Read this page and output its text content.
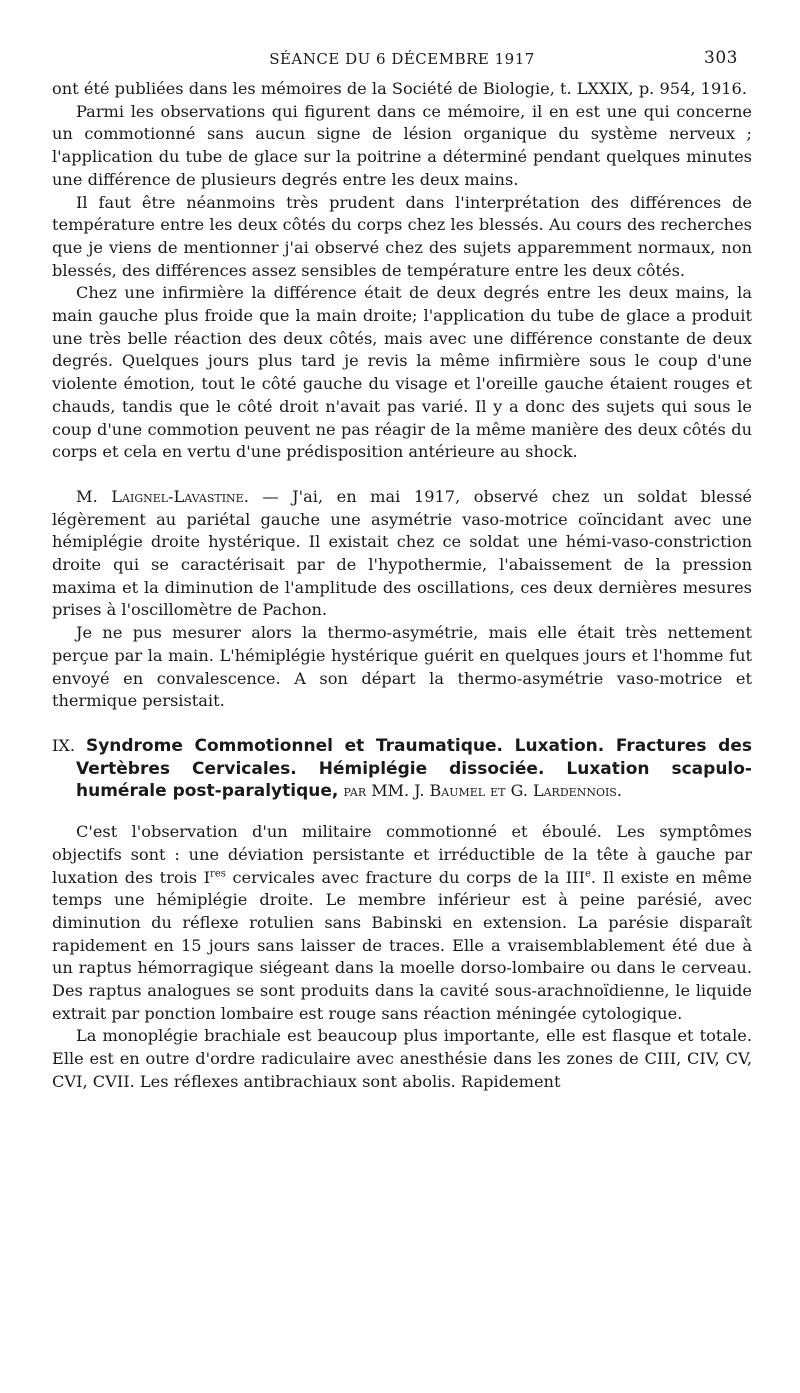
SÉANCE DU 6 DÉCEMBRE 1917	303

ont été publiées dans les mémoires de la Société de Biologie, t. LXXIX, p. 954, 1916.

Parmi les observations qui figurent dans ce mémoire, il en est une qui concerne un commotionné sans aucun signe de lésion organique du système nerveux ; l'application du tube de glace sur la poitrine a déterminé pendant quelques minutes une différence de plusieurs degrés entre les deux mains.

Il faut être néanmoins très prudent dans l'interprétation des différences de température entre les deux côtés du corps chez les blessés. Au cours des recherches que je viens de mentionner j'ai observé chez des sujets apparemment normaux, non blessés, des différences assez sensibles de température entre les deux côtés.

Chez une infirmière la différence était de deux degrés entre les deux mains, la main gauche plus froide que la main droite; l'application du tube de glace a produit une très belle réaction des deux côtés, mais avec une différence constante de deux degrés. Quelques jours plus tard je revis la même infirmière sous le coup d'une violente émotion, tout le côté gauche du visage et l'oreille gauche étaient rouges et chauds, tandis que le côté droit n'avait pas varié. Il y a donc des sujets qui sous le coup d'une commotion peuvent ne pas réagir de la même manière des deux côtés du corps et cela en vertu d'une prédisposition antérieure au shock.

M. Laignel-Lavastine. — J'ai, en mai 1917, observé chez un soldat blessé légèrement au pariétal gauche une asymétrie vaso-motrice coïncidant avec une hémiplégie droite hystérique. Il existait chez ce soldat une hémi-vaso-constriction droite qui se caractérisait par de l'hypothermie, l'abaissement de la pression maxima et la diminution de l'amplitude des oscillations, ces deux dernières mesures prises à l'oscillomètre de Pachon.

Je ne pus mesurer alors la thermo-asymétrie, mais elle était très nettement perçue par la main. L'hémiplégie hystérique guérit en quelques jours et l'homme fut envoyé en convalescence. A son départ la thermo-asymétrie vaso-motrice et thermique persistait.

IX. Syndrome Commotionnel et Traumatique. Luxation. Fractures des Vertèbres Cervicales. Hémiplégie dissociée. Luxation scapulo-humérale post-paralytique, par MM. J. Baumel et G. Lardennois.

C'est l'observation d'un militaire commotionné et éboulé. Les symptômes objectifs sont : une déviation persistante et irréductible de la tête à gauche par luxation des trois Ires cervicales avec fracture du corps de la IIIe. Il existe en même temps une hémiplégie droite. Le membre inférieur est à peine parésié, avec diminution du réflexe rotulien sans Babinski en extension. La parésie disparaît rapidement en 15 jours sans laisser de traces. Elle a vraisemblablement été due à un raptus hémorragique siégeant dans la moelle dorso-lombaire ou dans le cerveau. Des raptus analogues se sont produits dans la cavité sous-arachnoïdienne, le liquide extrait par ponction lombaire est rouge sans réaction méningée cytologique.

La monoplégie brachiale est beaucoup plus importante, elle est flasque et totale. Elle est en outre d'ordre radiculaire avec anesthésie dans les zones de CIII, CIV, CV, CVI, CVII. Les réflexes antibrachiaux sont abolis. Rapidement
